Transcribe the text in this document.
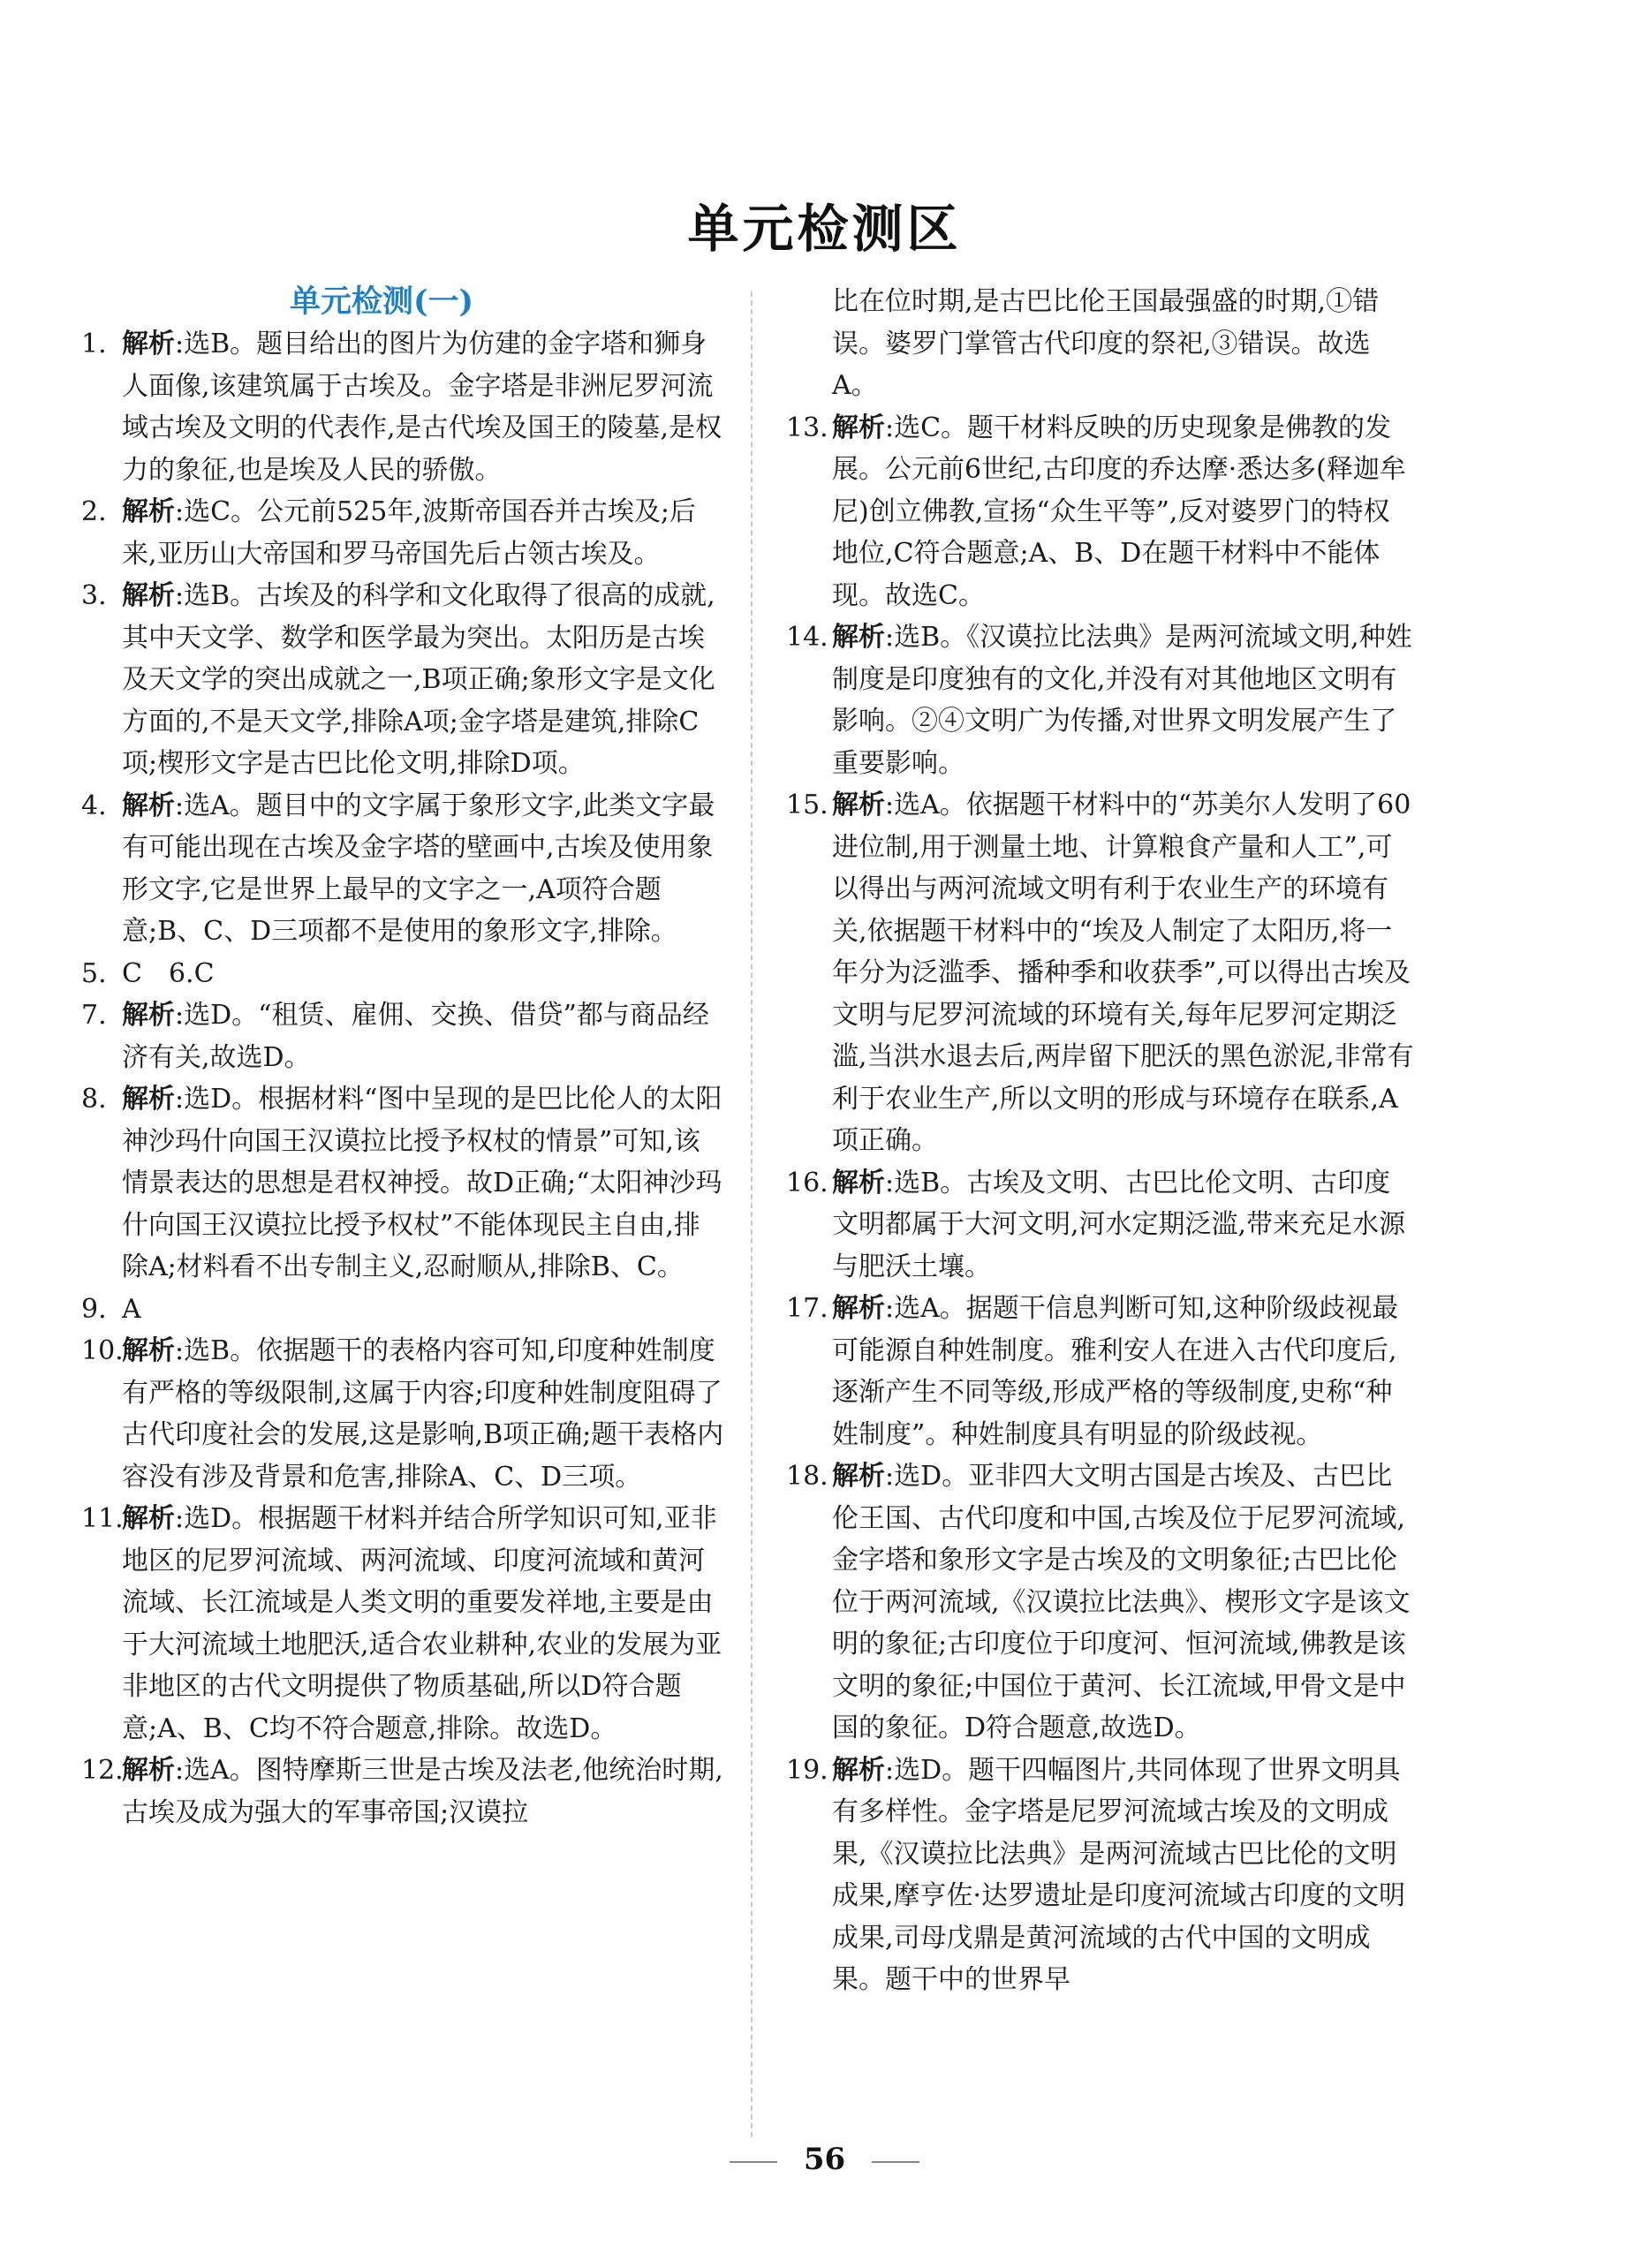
单元检测区
单元检测(一)
1. 解析:选B。题目给出的图片为仿建的金字塔和狮身人面像,该建筑属于古埃及。金字塔是非洲尼罗河流域古埃及文明的代表作,是古代埃及国王的陵墓,是权力的象征,也是埃及人民的骄傲。
2. 解析:选C。公元前525年,波斯帝国吞并古埃及;后来,亚历山大帝国和罗马帝国先后占领古埃及。
3. 解析:选B。古埃及的科学和文化取得了很高的成就,其中天文学、数学和医学最为突出。太阳历是古埃及天文学的突出成就之一,B项正确;象形文字是文化方面的,不是天文学,排除A项;金字塔是建筑,排除C项;楔形文字是古巴比伦文明,排除D项。
4. 解析:选A。题目中的文字属于象形文字,此类文字最有可能出现在古埃及金字塔的壁画中,古埃及使用象形文字,它是世界上最早的文字之一,A项符合题意;B、C、D三项都不是使用的象形文字,排除。
5. C　6.C
7. 解析:选D。“租赁、雇佣、交换、借贷”都与商品经济有关,故选D。
8. 解析:选D。根据材料“图中呈现的是巴比伦人的太阳神沙玛什向国王汉谟拉比授予权杖的情景”可知,该情景表达的思想是君权神授。故D正确;“太阳神沙玛什向国王汉谟拉比授予权杖”不能体现民主自由,排除A;材料看不出专制主义,忍耐顺从,排除B、C。
9. A
10.
解析:选B。依据题干的表格内容可知,印度种姓制度有严格的等级限制,这属于内容;印度种姓制度阻碍了古代印度社会的发展,这是影响,B项正确;题干表格内容没有涉及背景和危害,排除A、C、D三项。
11.
解析:选D。根据题干材料并结合所学知识可知,亚非地区的尼罗河流域、两河流域、印度河流域和黄河流域、长江流域是人类文明的重要发祥地,主要是由于大河流域土地肥沃,适合农业耕种,农业的发展为亚非地区的古代文明提供了物质基础,所以D符合题意;A、B、C均不符合题意,排除。故选D。
12.
解析:选A。图特摩斯三世是古埃及法老,他统治时期,古埃及成为强大的军事帝国;汉谟拉
比在位时期,是古巴比伦王国最强盛的时期,①错误。婆罗门掌管古代印度的祭祀,③错误。故选A。
13. 解析:选C。题干材料反映的历史现象是佛教的发展。公元前6世纪,古印度的乔达摩·悉达多(释迦牟尼)创立佛教,宣扬“众生平等”,反对婆罗门的特权地位,C符合题意;A、B、D在题干材料中不能体现。故选C。
14. 解析:选B。《汉谟拉比法典》是两河流域文明,种姓制度是印度独有的文化,并没有对其他地区文明有影响。②④文明广为传播,对世界文明发展产生了重要影响。
15. 解析:选A。依据题干材料中的“苏美尔人发明了60进位制,用于测量土地、计算粮食产量和人工”,可以得出与两河流域文明有利于农业生产的环境有关,依据题干材料中的“埃及人制定了太阳历,将一年分为泛滥季、播种季和收获季”,可以得出古埃及文明与尼罗河流域的环境有关,每年尼罗河定期泛滥,当洪水退去后,两岸留下肥沃的黑色淤泥,非常有利于农业生产,所以文明的形成与环境存在联系,A项正确。
16. 解析:选B。古埃及文明、古巴比伦文明、古印度文明都属于大河文明,河水定期泛滥,带来充足水源与肥沃土壤。
17. 解析:选A。据题干信息判断可知,这种阶级歧视最可能源自种姓制度。雅利安人在进入古代印度后,逐渐产生不同等级,形成严格的等级制度,史称“种姓制度”。种姓制度具有明显的阶级歧视。
18. 解析:选D。亚非四大文明古国是古埃及、古巴比伦王国、古代印度和中国,古埃及位于尼罗河流域,金字塔和象形文字是古埃及的文明象征;古巴比伦位于两河流域,《汉谟拉比法典》、楔形文字是该文明的象征;古印度位于印度河、恒河流域,佛教是该文明的象征;中国位于黄河、长江流域,甲骨文是中国的象征。D符合题意,故选D。
19. 解析:选D。题干四幅图片,共同体现了世界文明具有多样性。金字塔是尼罗河流域古埃及的文明成果,《汉谟拉比法典》是两河流域古巴比伦的文明成果,摩亨佐·达罗遗址是印度河流域古印度的文明成果,司母戊鼎是黄河流域的古代中国的文明成果。题干中的世界早
56
